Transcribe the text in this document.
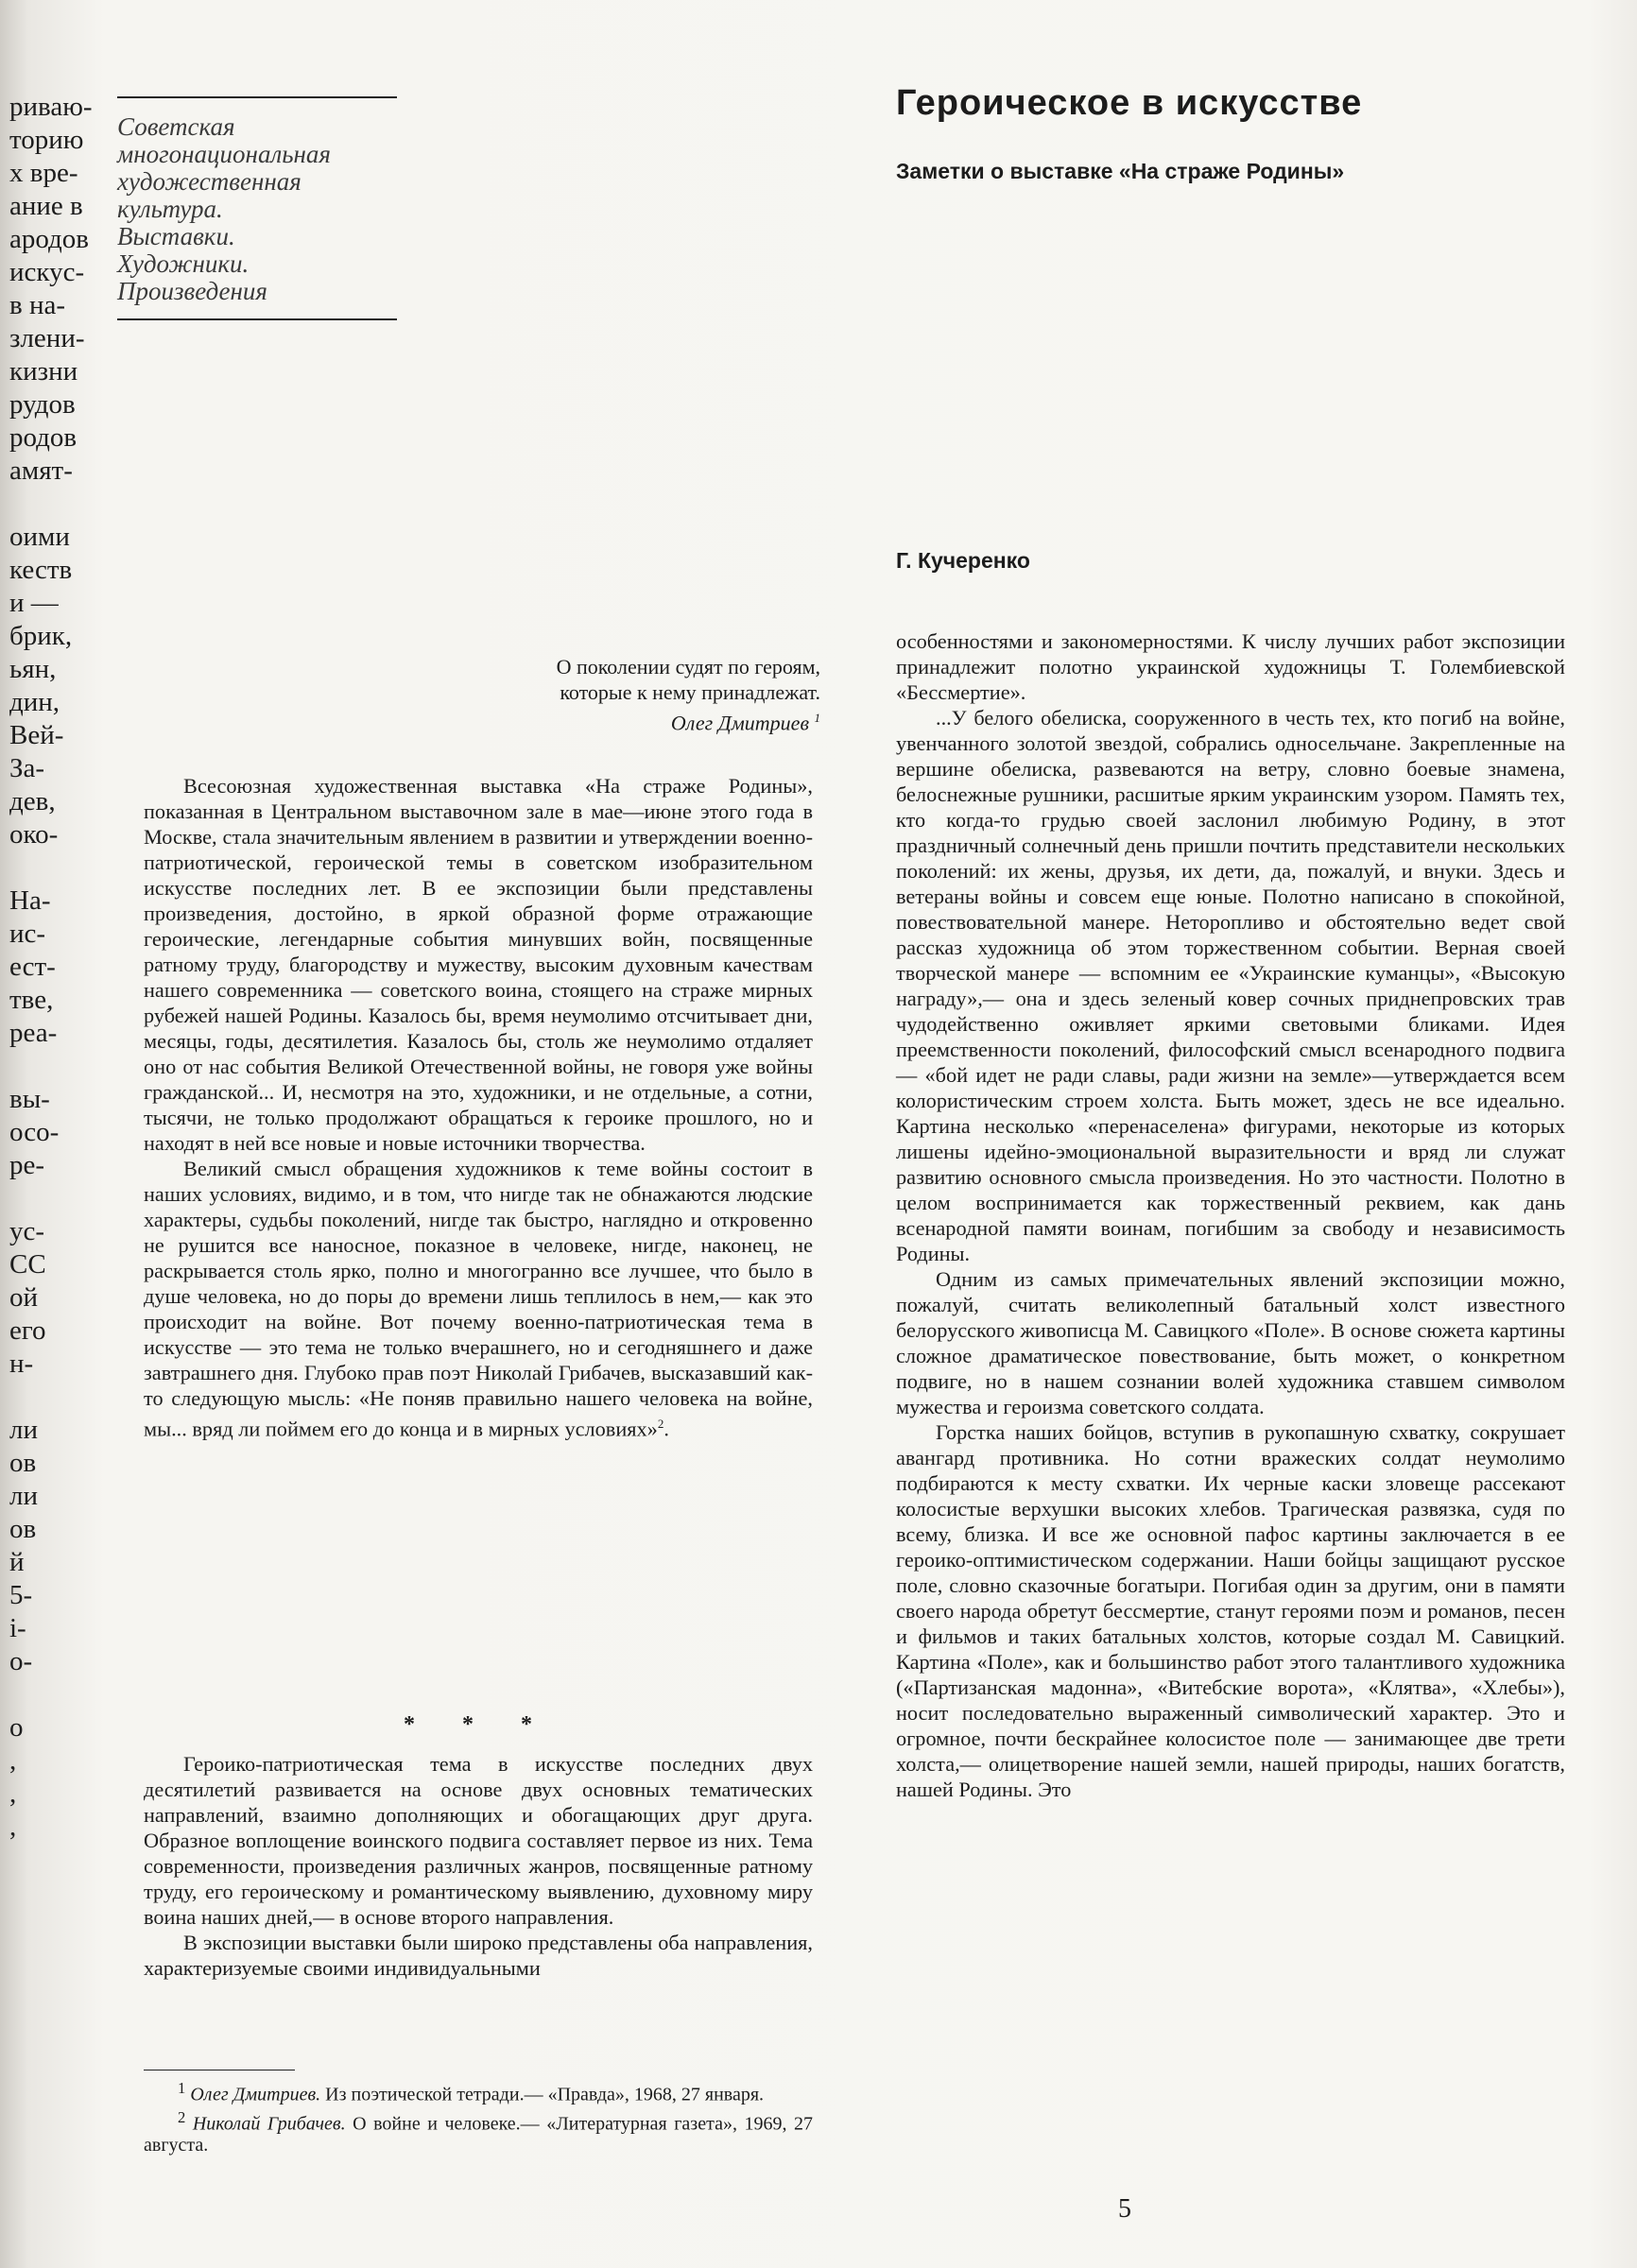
риваю-
торию
х вре-
ание в
ародов
искус-
в на-
злени-
кизни
рудов
родов
амят-
оими
кеств
и —
брик,
ьян,
дин,
Вей-
За-
дев,
око-
На-
ис-
ест-
тве,
реа-
вы-
осо-
ре-
ус-
СС
ой
его
н-
ли
ов
ли
ов
й
5-
і-
о-
о
,
,
,
Советская
многонациональная
художественная
культура.
Выставки.
Художники.
Произведения
Героическое в искусстве
Заметки о выставке «На страже Родины»
Г. Кучеренко
О поколении судят по героям,
которые к нему принадлежат.
Олег Дмитриев $^1$

Всесоюзная художественная выставка «На страже Родины», показанная в Центральном выставочном зале в мае—июне этого года в Москве, стала значительным явлением в развитии и утверждении военно-патриотической, героической темы в советском изобразительном искусстве последних лет. В ее экспозиции были представлены произведения, достойно, в яркой образной форме отражающие героические, легендарные события минувших войн, посвященные ратному труду, благородству и мужеству, высоким духовным качествам нашего современника — советского воина, стоящего на страже мирных рубежей нашей Родины. Казалось бы, время неумолимо отсчитывает дни, месяцы, годы, десятилетия. Казалось бы, столь же неумолимо отдаляет оно от нас события Великой Отечественной войны, не говоря уже войны гражданской... И, несмотря на это, художники, и не отдельные, а сотни, тысячи, не только продолжают обращаться к героике прошлого, но и находят в ней все новые и новые источники творчества.

Великий смысл обращения художников к теме войны состоит в наших условиях, видимо, и в том, что нигде так не обнажаются людские характеры, судьбы поколений, нигде так быстро, наглядно и откровенно не рушится все наносное, показное в человеке, нигде, наконец, не раскрывается столь ярко, полно и многогранно все лучшее, что было в душе человека, но до поры до времени лишь теплилось в нем,— как это происходит на войне. Вот почему военно-патриотическая тема в искусстве — это тема не только вчерашнего, но и сегодняшнего и даже завтрашнего дня. Глубоко прав поэт Николай Грибачев, высказавший как-то следующую мысль: «Не поняв правильно нашего человека на войне, мы... вряд ли поймем его до конца и в мирных условиях»$^2$.

* * *

Героико-патриотическая тема в искусстве последних двух десятилетий развивается на основе двух основных тематических направлений, взаимно дополняющих и обогащающих друг друга. Образное воплощение воинского подвига составляет первое из них. Тема современности, произведения различных жанров, посвященные ратному труду, его героическому и романтическому выявлению, духовному миру воина наших дней,— в основе второго направления.

В экспозиции выставки были широко представлены оба направления, характеризуемые своими индивидуальными

$^1$ Олег Дмитриев. Из поэтической тетради.— «Правда», 1968, 27 января.

$^2$ Николай Грибачев. О войне и человеке.— «Литературная газета», 1969, 27 августа.

особенностями и закономерностями. К числу лучших работ экспозиции принадлежит полотно украинской художницы Т. Голембиевской «Бессмертие».

...У белого обелиска, сооруженного в честь тех, кто погиб на войне, увенчанного золотой звездой, собрались односельчане. Закрепленные на вершине обелиска, развеваются на ветру, словно боевые знамена, белоснежные рушники, расшитые ярким украинским узором. Память тех, кто когда-то грудью своей заслонил любимую Родину, в этот праздничный солнечный день пришли почтить представители нескольких поколений: их жены, друзья, их дети, да, пожалуй, и внуки. Здесь и ветераны войны и совсем еще юные. Полотно написано в спокойной, повествовательной манере. Неторопливо и обстоятельно ведет свой рассказ художница об этом торжественном событии. Верная своей творческой манере — вспомним ее «Украинские куманцы», «Высокую награду»,— она и здесь зеленый ковер сочных приднепровских трав чудодейственно оживляет яркими световыми бликами. Идея преемственности поколений, философский смысл всенародного подвига — «бой идет не ради славы, ради жизни на земле»—утверждается всем колористическим строем холста. Быть может, здесь не все идеально. Картина несколько «перенаселена» фигурами, некоторые из которых лишены идейно-эмоциональной выразительности и вряд ли служат развитию основного смысла произведения. Но это частности. Полотно в целом воспринимается как торжественный реквием, как дань всенародной памяти воинам, погибшим за свободу и независимость Родины.

Одним из самых примечательных явлений экспозиции можно, пожалуй, считать великолепный батальный холст известного белорусского живописца М. Савицкого «Поле». В основе сюжета картины сложное драматическое повествование, быть может, о конкретном подвиге, но в нашем сознании волей художника ставшем символом мужества и героизма советского солдата.

Горстка наших бойцов, вступив в рукопашную схватку, сокрушает авангард противника. Но сотни вражеских солдат неумолимо подбираются к месту схватки. Их черные каски зловеще рассекают колосистые верхушки высоких хлебов. Трагическая развязка, судя по всему, близка. И все же основной пафос картины заключается в ее героико-оптимистическом содержании. Наши бойцы защищают русское поле, словно сказочные богатыри. Погибая один за другим, они в памяти своего народа обретут бессмертие, станут героями поэм и романов, песен и фильмов и таких батальных холстов, которые создал М. Савицкий. Картина «Поле», как и большинство работ этого талантливого художника («Партизанская мадонна», «Витебские ворота», «Клятва», «Хлебы»), носит последовательно выраженный символический характер. Это и огромное, почти бескрайнее колосистое поле — занимающее две трети холста,— олицетворение нашей земли, нашей природы, наших богатств, нашей Родины. Это

5
